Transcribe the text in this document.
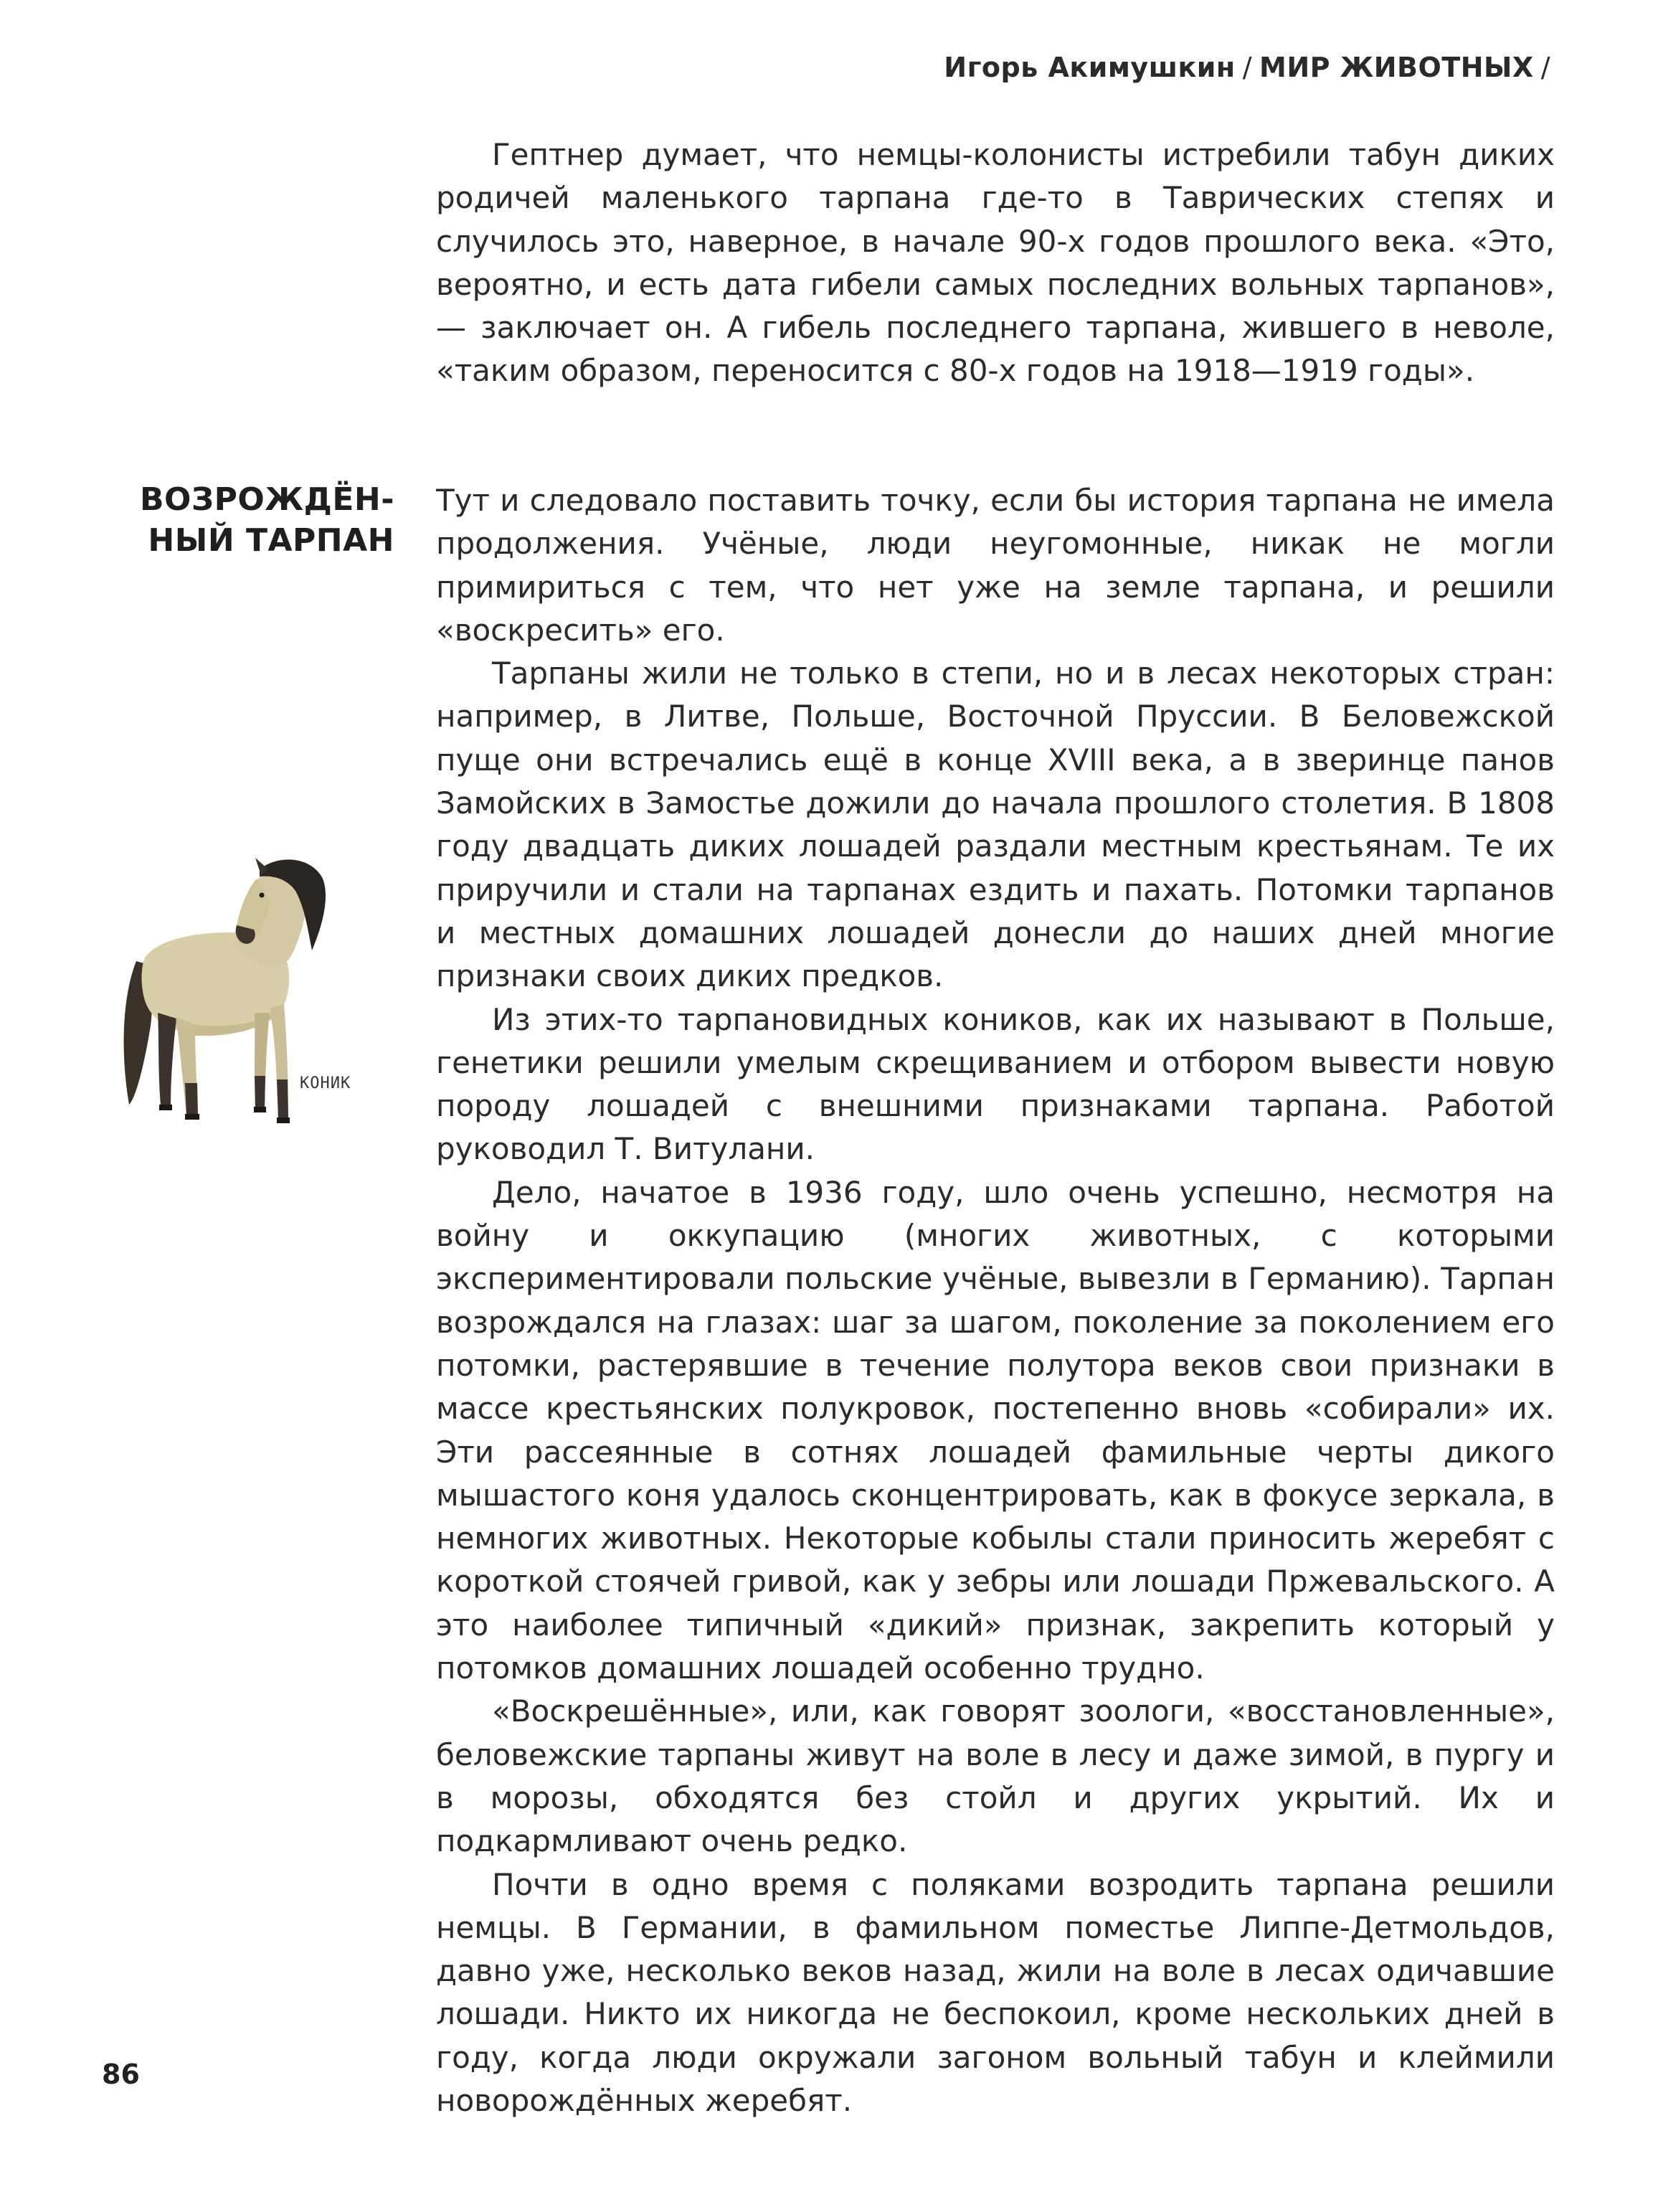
Игорь Акимушкин / МИР ЖИВОТНЫХ /

Гептнер думает, что немцы-колонисты истребили табун диких родичей маленького тарпана где-то в Таврических степях и случилось это, наверное, в начале 90-х годов прошлого века. «Это, вероятно, и есть дата гибели самых последних вольных тарпанов», — заключает он. А гибель последнего тарпана, жившего в неволе, «таким образом, переносится с 80-х годов на 1918—1919 годы».

ВОЗРОЖДЁН-
НЫЙ ТАРПАН

Тут и следовало поставить точку, если бы история тарпана не имела продолжения. Учёные, люди неугомонные, никак не могли примириться с тем, что нет уже на земле тарпана, и решили «воскресить» его.

Тарпаны жили не только в степи, но и в лесах некоторых стран: например, в Литве, Польше, Восточной Пруссии. В Беловежской пуще они встречались ещё в конце XVIII века, а в зверинце панов Замойских в Замостье дожили до начала прошлого столетия. В 1808 году двадцать диких лошадей раздали местным крестьянам. Те их приручили и стали на тарпанах ездить и пахать. Потомки тарпанов и местных домашних лошадей донесли до наших дней многие признаки своих диких предков.

Из этих-то тарпановидных коников, как их называют в Польше, генетики решили умелым скрещиванием и отбором вывести новую породу лошадей с внешними признаками тарпана. Работой руководил Т. Витулани.

Дело, начатое в 1936 году, шло очень успешно, несмотря на войну и оккупацию (многих животных, с которыми экспериментировали польские учёные, вывезли в Германию). Тарпан возрождался на глазах: шаг за шагом, поколение за поколением его потомки, растерявшие в течение полутора веков свои признаки в массе крестьянских полукровок, постепенно вновь «собирали» их. Эти рассеянные в сотнях лошадей фамильные черты дикого мышастого коня удалось сконцентрировать, как в фокусе зеркала, в немногих животных. Некоторые кобылы стали приносить жеребят с короткой стоячей гривой, как у зебры или лошади Пржевальского. А это наиболее типичный «дикий» признак, закрепить который у потомков домашних лошадей особенно трудно.

«Воскрешённые», или, как говорят зоологи, «восстановленные», беловежские тарпаны живут на воле в лесу и даже зимой, в пургу и в морозы, обходятся без стойл и других укрытий. Их и подкармливают очень редко.

Почти в одно время с поляками возродить тарпана решили немцы. В Германии, в фамильном поместье Липпе-Детмольдов, давно уже, несколько веков назад, жили на воле в лесах одичавшие лошади. Никто их никогда не беспокоил, кроме нескольких дней в году, когда люди окружали загоном вольный табун и клеймили новорождённых жеребят.

КОНИК
86
